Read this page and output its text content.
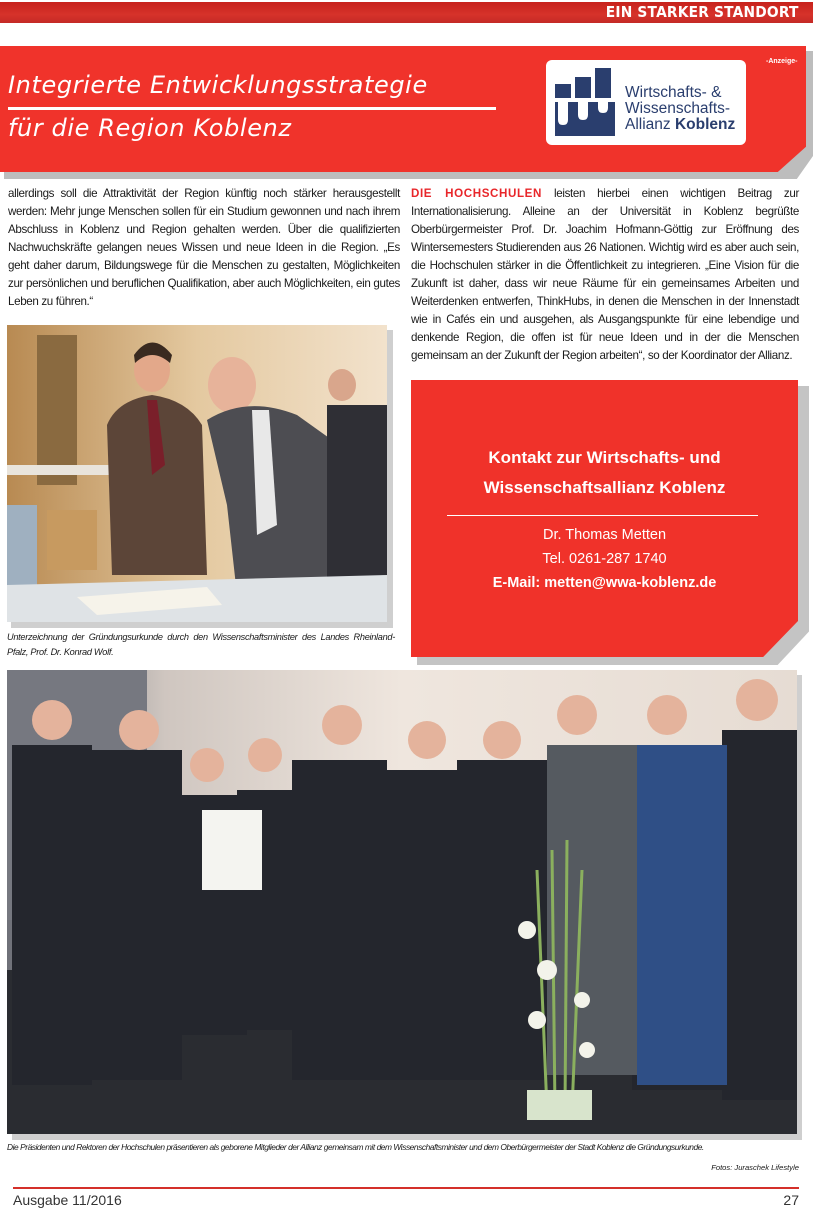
EIN STARKER STANDORT
Integrierte Entwicklungsstrategie
für die Region Koblenz
-Anzeige-
Wirtschafts- &
Wissenschafts-
Allianz Koblenz
allerdings soll die Attraktivität der Region künftig noch stärker herausgestellt werden: Mehr junge Menschen sollen für ein Studium gewonnen und nach ihrem Abschluss in Koblenz und Region gehalten werden. Über die qualifizierten Nachwuchskräfte gelangen neues Wissen und neue Ideen in die Region. „Es geht daher darum, Bildungswege für die Menschen zu gestalten, Möglichkeiten zur persönlichen und beruflichen Qualifikation, aber auch Möglichkeiten, ein gutes Leben zu führen.“
DIE HOCHSCHULEN leisten hierbei einen wichtigen Beitrag zur Internationalisierung. Alleine an der Universität in Koblenz begrüßte Oberbürgermeister Prof. Dr. Joachim Hofmann-Göttig zur Eröffnung des Wintersemesters Studierenden aus 26 Nationen. Wichtig wird es aber auch sein, die Hochschulen stärker in die Öffentlichkeit zu integrieren. „Eine Vision für die Zukunft ist daher, dass wir neue Räume für ein gemeinsames Arbeiten und Weiterdenken entwerfen, ThinkHubs, in denen die Menschen in der Innenstadt wie in Cafés ein und ausgehen, als Ausgangspunkte für eine lebendige und denkende Region, die offen ist für neue Ideen und in der die Menschen gemeinsam an der Zukunft der Region arbeiten“, so der Koordinator der Allianz.
Unterzeichnung der Gründungsurkunde durch den Wissenschaftsminister des Landes Rheinland-Pfalz, Prof. Dr. Konrad Wolf.
Kontakt zur Wirtschafts- und
Wissenschaftsallianz Koblenz
Dr. Thomas Metten
Tel. 0261-287 1740
E-Mail: metten@wwa-koblenz.de
Die Präsidenten und Rektoren der Hochschulen präsentieren als geborene Mitglieder der Allianz gemeinsam mit dem Wissenschaftsminister und dem Oberbürgermeister der Stadt Koblenz die Gründungsurkunde.
Fotos: Juraschek Lifestyle
Ausgabe 11/2016	27
